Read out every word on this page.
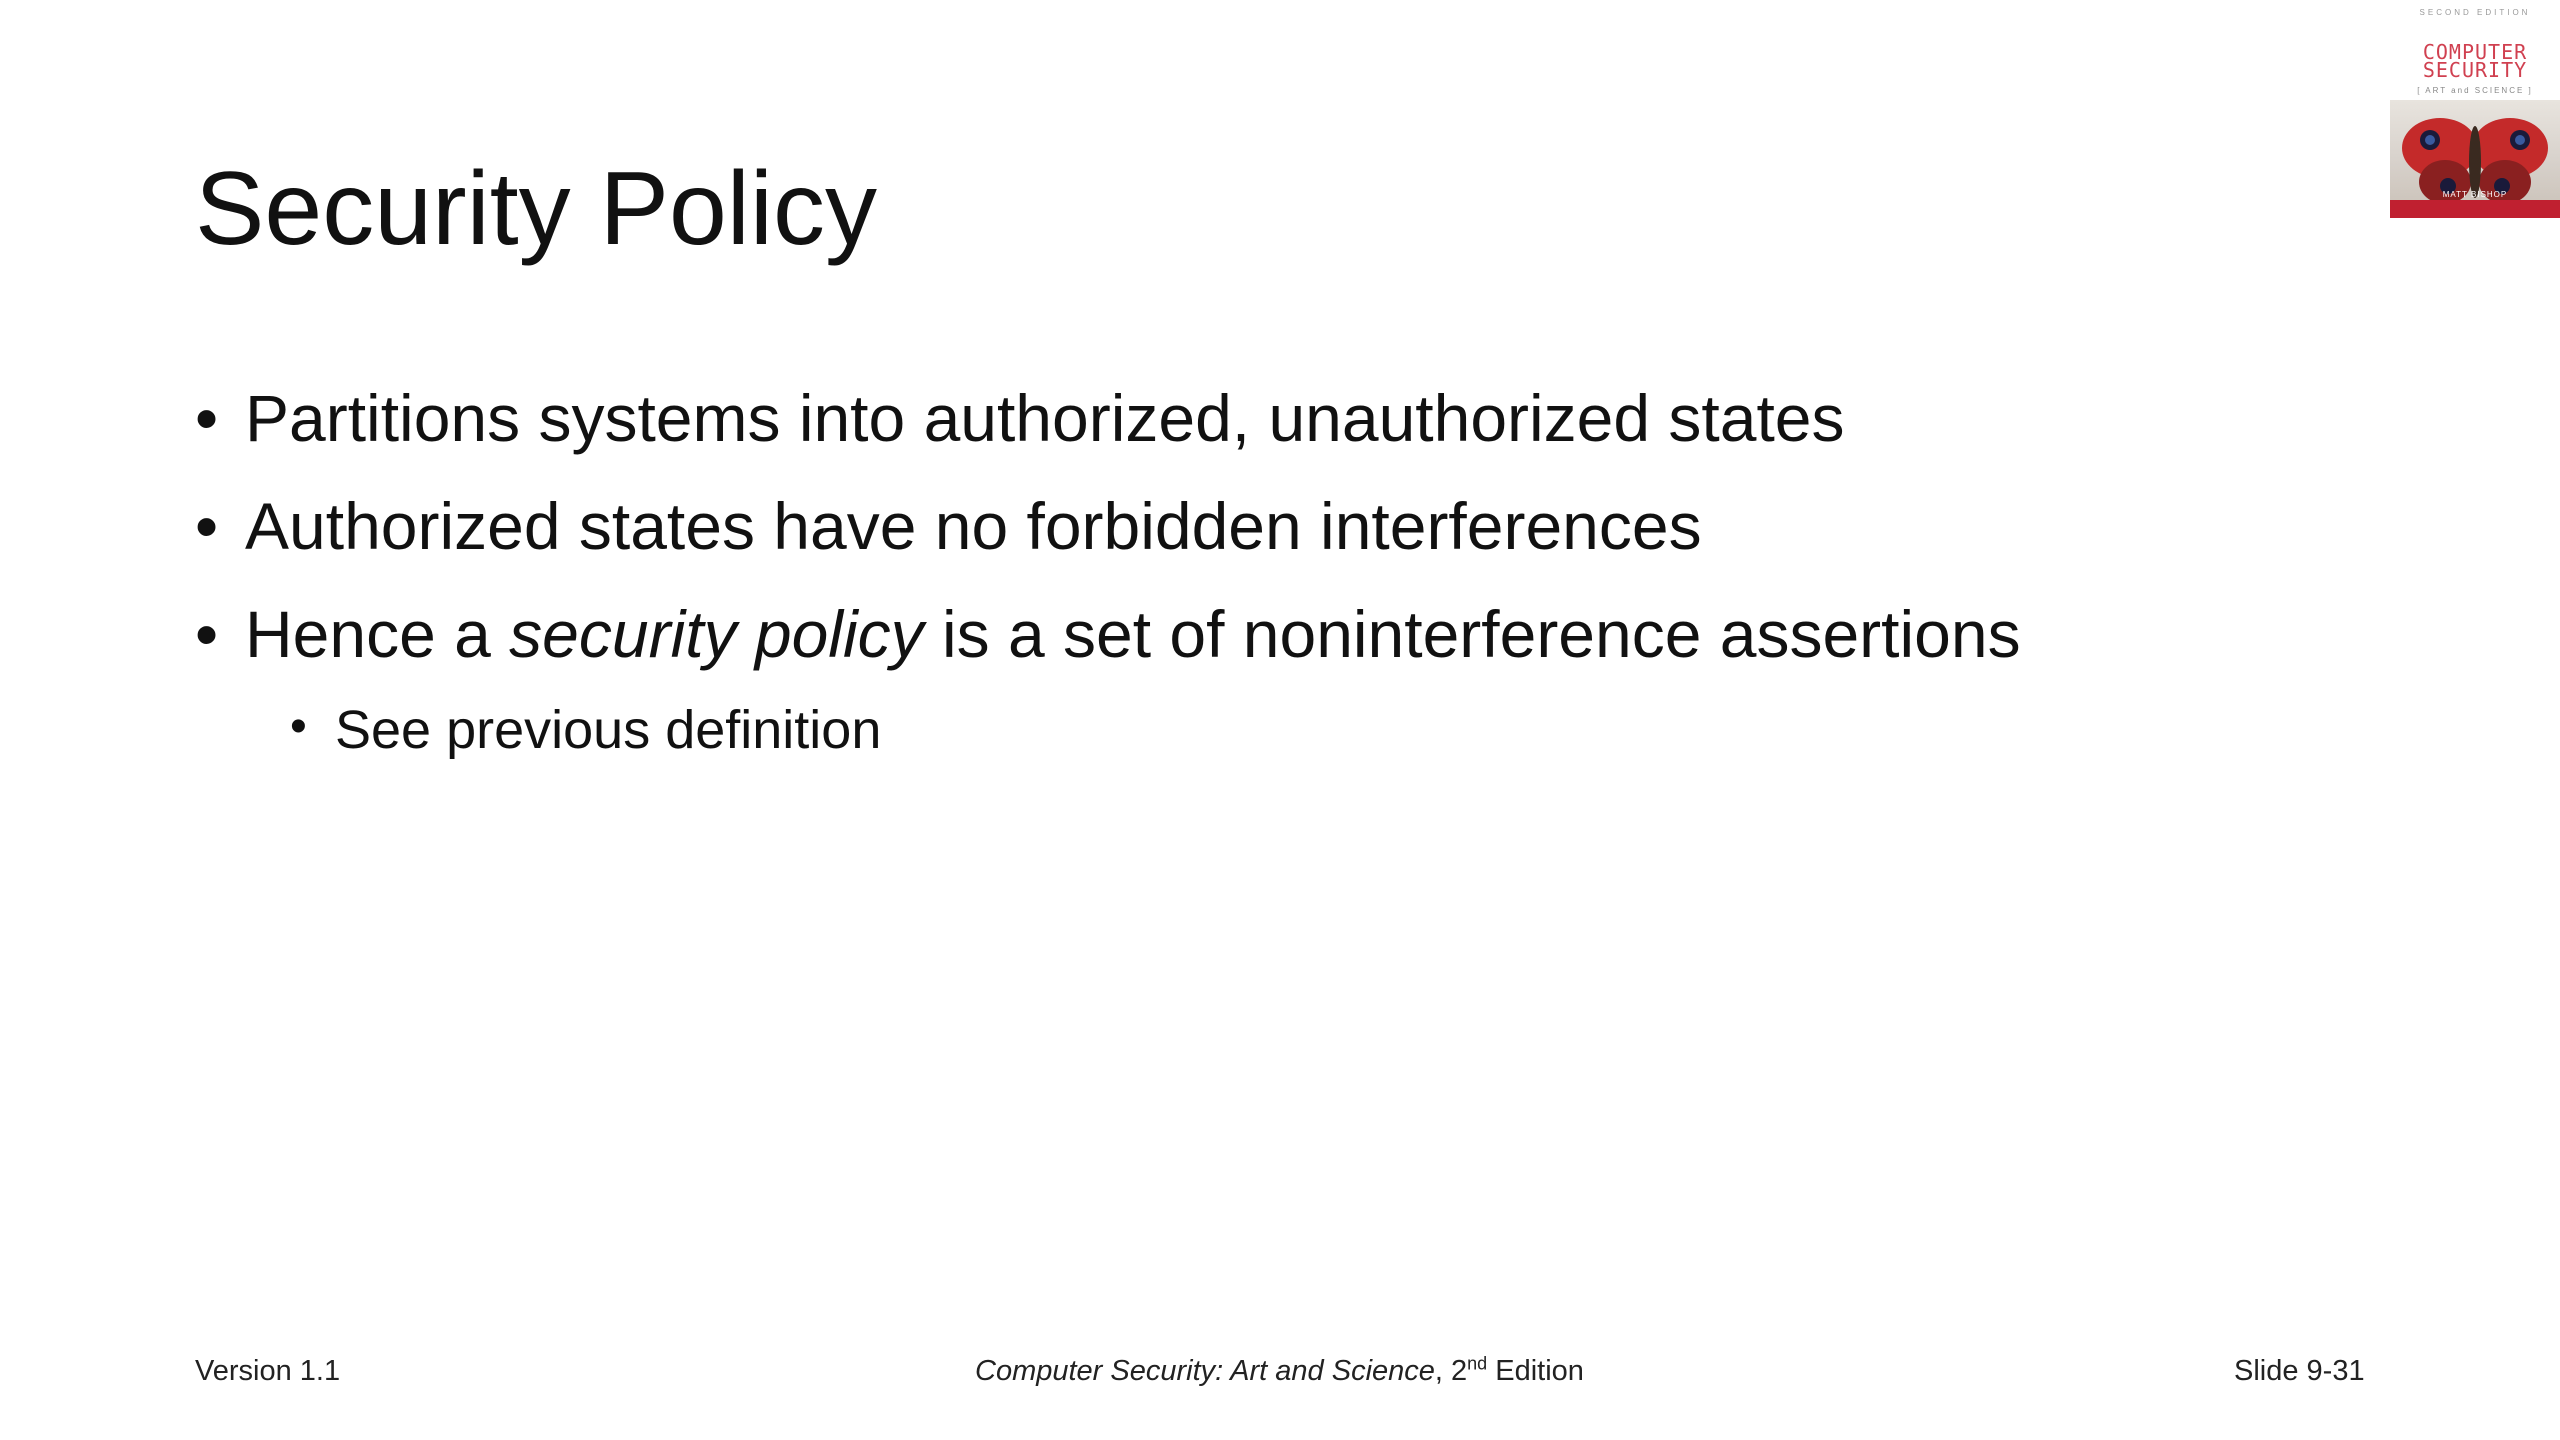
Security Policy
• Partitions systems into authorized, unauthorized states
• Authorized states have no forbidden interferences
• Hence a security policy is a set of noninterference assertions
• See previous definition
Version 1.1	Computer Security: Art and Science, 2nd Edition	Slide 9-31
SECOND EDITION
COMPUTER
SECURITY
[ ART and SCIENCE ]
MATT BISHOP
